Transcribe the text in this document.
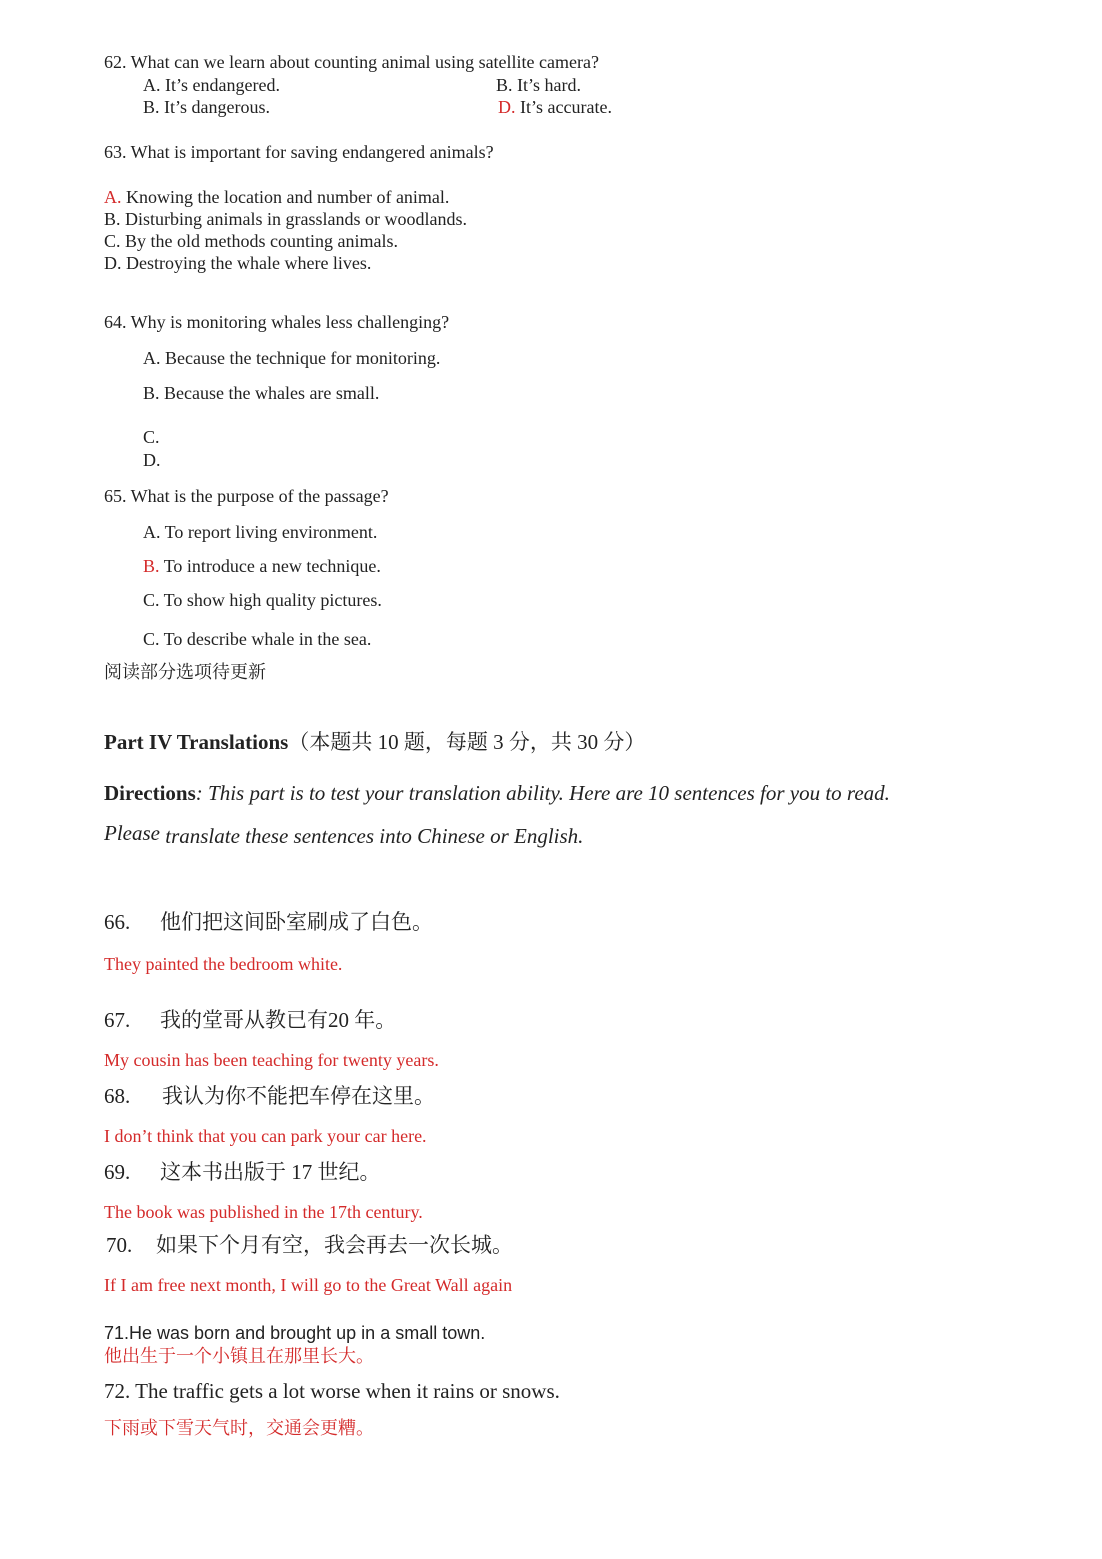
62. What can we learn about counting animal using satellite camera?
A. It’s endangered.	B. It’s hard.
B. It’s dangerous.	D. It’s accurate.
63. What is important for saving endangered animals?
A. Knowing the location and number of animal.
B. Disturbing animals in grasslands or woodlands.
C. By the old methods counting animals.
D. Destroying the whale where lives.
64. Why is monitoring whales less challenging?
A. Because the technique for monitoring.
B. Because the whales are small.
C.
D.
65. What is the purpose of the passage?
A. To report living environment.
B. To introduce a new technique.
C. To show high quality pictures.
C. To describe whale in the sea.
阅读部分选项待更新
Part IV Translations（本题共 10 题，每题 3 分，共 30 分）
Directions: This part is to test your translation ability. Here are 10 sentences for you to read.
Please translate these sentences into Chinese or English.
66. 他们把这间卧室刷成了白色。
They painted the bedroom white.
67. 我的堂哥从教已有20 年。
My cousin has been teaching for twenty years.
68. 我认为你不能把车停在这里。
I don’t think that you can park your car here.
69. 这本书出版于 17 世纪。
The book was published in the 17th century.
70. 如果下个月有空，我会再去一次长城。
If I am free next month, I will go to the Great Wall again
71.He was born and brought up in a small town.
他出生于一个小镇且在那里长大。
72. The traffic gets a lot worse when it rains or snows.
下雨或下雪天气时，交通会更糟。
